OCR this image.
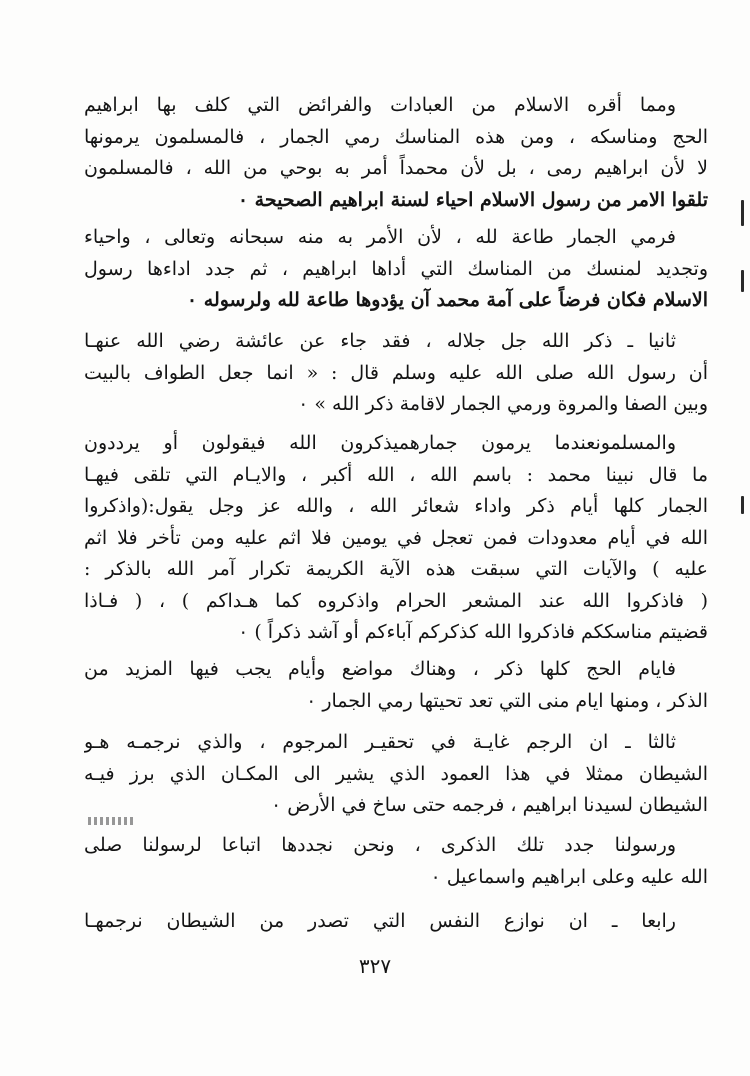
ومما أقره الاسلام من العبادات والفرائض التي كلف بها ابراهيم
الحج ومناسكه ، ومن هذه المناسك رمي الجمار ، فالمسلمون يرمونها
لا لأن ابراهيم رمى ، بل لأن محمداً أمر به بوحي من الله ، فالمسلمون
تلقوا الامر من رسول الاسلام احياء لسنة ابراهيم الصحيحة ٠
فرمي الجمار طاعة لله ، لأن الأمر به منه سبحانه وتعالى ، واحياء
وتجديد لمنسك من المناسك التي أداها ابراهيم ، ثم جدد اداءها رسول
الاسلام فكان فرضاً على آمة محمد آن يؤدوها طاعة لله ولرسوله ٠
ثانيا ـ ذكر الله جل جلاله ، فقد جاء عن عائشة رضي الله عنهـا
أن رسول الله صلى الله عليه وسلم قال : « انما جعل الطواف بالبيت
وبين الصفا والمروة ورمي الجمار لاقامة ذكر الله » ٠
والمسلمونعندما يرمون جمارهميذكرون الله فيقولون أو يرددون
ما قال نبينا محمد : باسم الله ، الله أكبر ، والايـام التي تلقى فيهـا
الجمار كلها أيام ذكر واداء شعائر الله ، والله عز وجل يقول:(واذكروا
الله في أيام معدودات فمن تعجل في يومين فلا اثم عليه ومن تأخر فلا اثم
عليه ) والآيات التي سبقت هذه الآية الكريمة تكرار آمر الله بالذكر :
( فاذكروا الله عند المشعر الحرام واذكروه كما هـداكم ) ، ( فـاذا
قضيتم مناسككم فاذكروا الله كذكركم آباءكم أو آشد ذكراً ) ٠
فايام الحج كلها ذكر ، وهناك مواضع وأيام يجب فيها المزيد من
الذكر ، ومنها ايام منى التي تعد تحيتها رمي الجمار ٠
ثالثا ـ ان الرجم غايـة في تحقيـر المرجوم ، والذي نرجمـه هـو
الشيطان ممثلا في هذا العمود الذي يشير الى المكـان الذي برز فيـه
الشيطان لسيدنا ابراهيم ، فرجمه حتى ساخ في الأرض ٠
ورسولنا جدد تلك الذكرى ، ونحن نجددها اتباعا لرسولنا صلى
الله عليه وعلى ابراهيم واسماعيل ٠
رابعا ـ ان نوازع النفس التي تصدر من الشيطان نرجمهـا
٣٢٧
